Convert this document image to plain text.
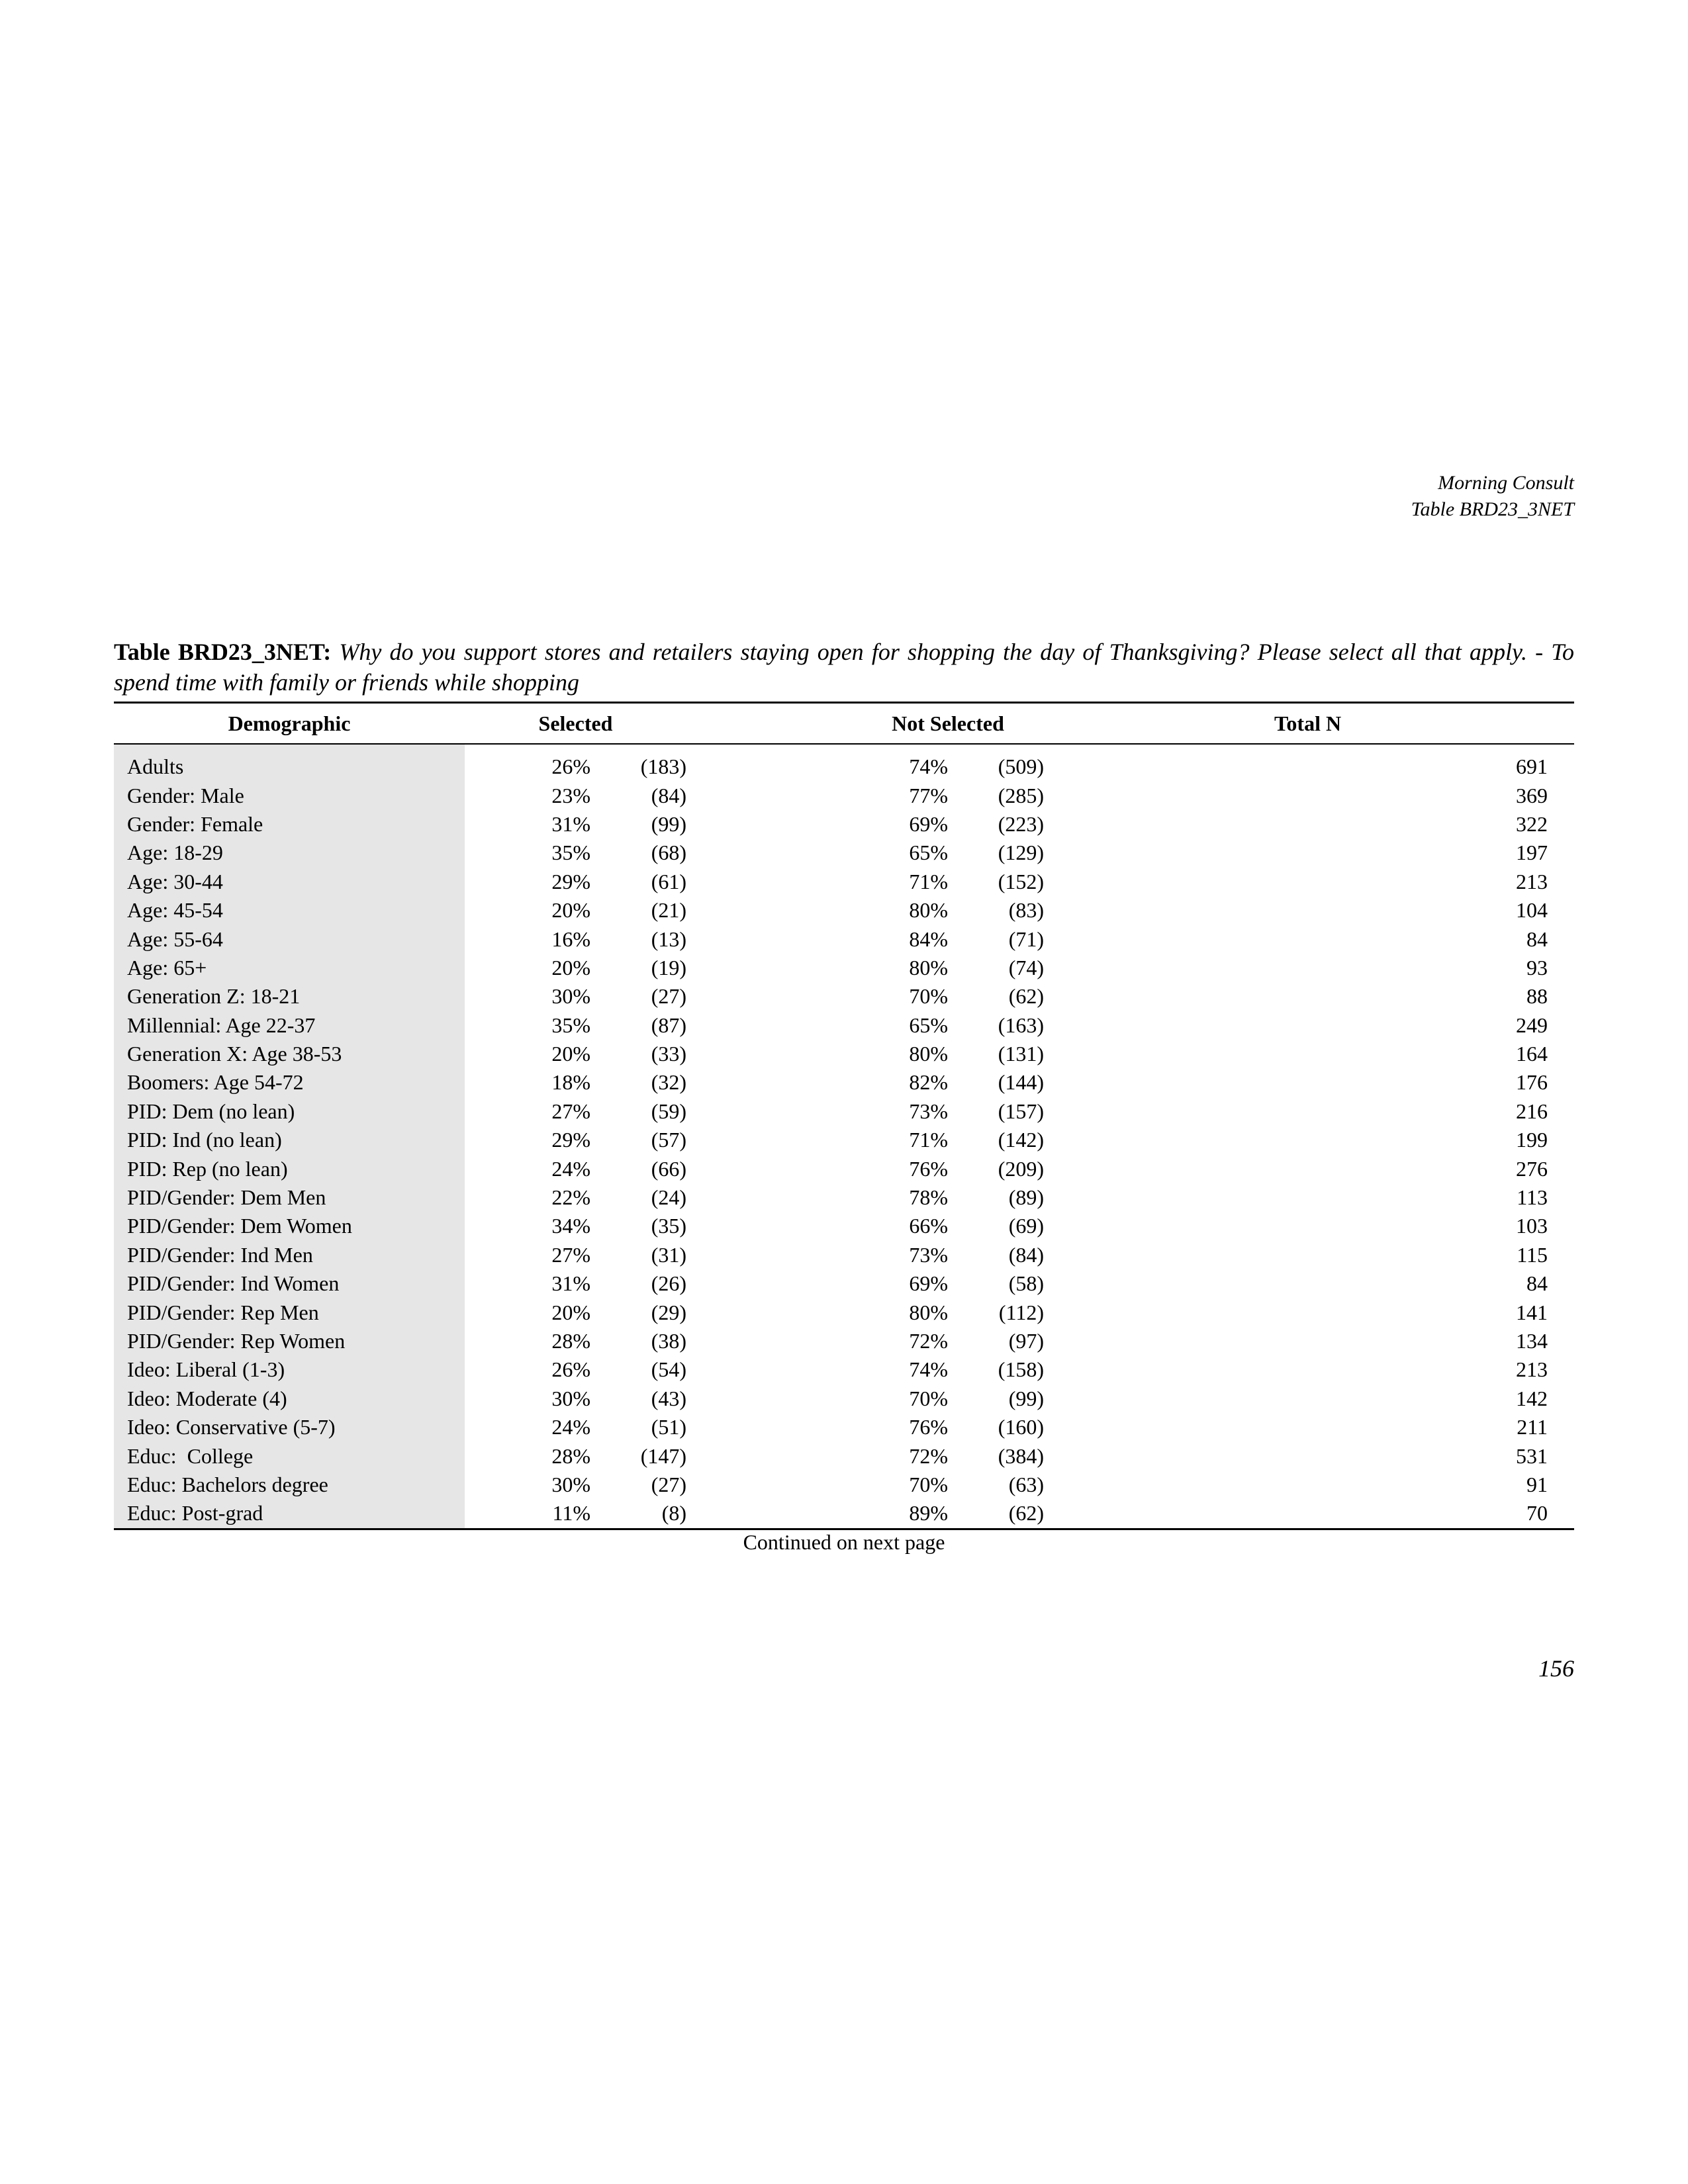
Morning Consult
Table BRD23_3NET
Table BRD23_3NET: Why do you support stores and retailers staying open for shopping the day of Thanksgiving? Please select all that apply. - To spend time with family or friends while shopping
Demographic	Selected		Not Selected		Total N

Adults	26%	(183)	74%	(509)	691
Gender: Male	23%	(84)	77%	(285)	369
Gender: Female	31%	(99)	69%	(223)	322
Age: 18-29	35%	(68)	65%	(129)	197
Age: 30-44	29%	(61)	71%	(152)	213
Age: 45-54	20%	(21)	80%	(83)	104
Age: 55-64	16%	(13)	84%	(71)	84
Age: 65+	20%	(19)	80%	(74)	93
Generation Z: 18-21	30%	(27)	70%	(62)	88
Millennial: Age 22-37	35%	(87)	65%	(163)	249
Generation X: Age 38-53	20%	(33)	80%	(131)	164
Boomers: Age 54-72	18%	(32)	82%	(144)	176
PID: Dem (no lean)	27%	(59)	73%	(157)	216
PID: Ind (no lean)	29%	(57)	71%	(142)	199
PID: Rep (no lean)	24%	(66)	76%	(209)	276
PID/Gender: Dem Men	22%	(24)	78%	(89)	113
PID/Gender: Dem Women	34%	(35)	66%	(69)	103
PID/Gender: Ind Men	27%	(31)	73%	(84)	115
PID/Gender: Ind Women	31%	(26)	69%	(58)	84
PID/Gender: Rep Men	20%	(29)	80%	(112)	141
PID/Gender: Rep Women	28%	(38)	72%	(97)	134
Ideo: Liberal (1-3)	26%	(54)	74%	(158)	213
Ideo: Moderate (4)	30%	(43)	70%	(99)	142
Ideo: Conservative (5-7)	24%	(51)	76%	(160)	211
Educ:  College	28%	(147)	72%	(384)	531
Educ: Bachelors degree	30%	(27)	70%	(63)	91
Educ: Post-grad	11%	(8)	89%	(62)	70
Continued on next page
156
